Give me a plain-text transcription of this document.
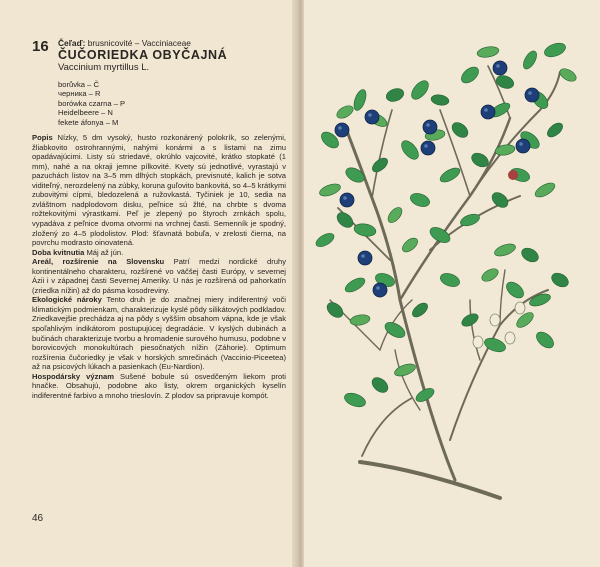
16	Čeľaď: brusnicovité – Vacciniaceae
ČUČORIEDKA OBYČAJNÁ
Vaccinium myrtillus L.
borůvka – Č
черника – R
borówka czarna – P
Heidelbeere – N
fekete áfonya – M

Popis Nízky, 5 dm vysoký, husto rozkonárený polokrík, so zelenými, žliabkovito ostrohrannými, nahými konármi a s listami na zimu opadávajúcimi. Listy sú striedavé, okrúhlo vajcovité, krátko stopkaté (1 mm), nahé a na okraji jemne pílkovité. Kvety sú jednotlivé, vyrastajú v pazuchách listov na 3–5 mm dlhých stopkách, previsnuté, kalich je sotva viditeľný, nerozdelený na zúbky, koruna guľovito bankovitá, so 4–5 krátkymi zubovitými cípmi, bledozelená a ružovkastá. Tyčiniek je 10, sediа na zvláštnom nadplodovom disku, peľnice sú žlté, na chrbte s dvoma rožtekovitými výrastkami. Peľ je zlepený po štyroch zrnkách spolu, vypadáva z peľnice dvoma otvormi na vrchnej časti. Semenník je spodný, zložený zo 4–5 plodolistov. Plod: šťavnatá bobuľa, v zrelosti čierna, na povrchu modrasto oinovatená.

Doba kvitnutia Máj až jún.

Areál, rozšírenie na Slovensku Patrí medzi nordické druhy kontinentálneho charakteru, rozšírené vo väčšej časti Európy, v severnej Ázii i v západnej časti Severnej Ameriky. U nás je rozšírená od pahorkatín (zriedka nížin) až do pásma kosodreviny.

Ekologické nároky Tento druh je do značnej miery indiferentný voči klimatickým podmienkam, charakterizuje kyslé pôdy silikátových podkladov. Zriedkavejšie prechádza aj na pôdy s vyšším obsahom vápna, kde je však spoľahlivým indikátorom postupujúcej degradácie. V kyslých dubinách a bučinách charakterizuje tvorbu a hromadenie surového humusu, podobne v borovicových monokultúrach piesočnatých nížin (Záhorie). Optimum rozšírenia čučoriedky je však v horských smrečinách (Vaccinio-Piceetea) až na psicových lúkach a pasienkach (Eu-Nardion).

Hospodársky význam Sušené bobule sú osvedčeným liekom proti hnačke. Obsahujú, podobne ako listy, okrem organických kyselín indiferentné farbivo a mnoho trieslovín. Z plodov sa pripravuje kompót.

46
